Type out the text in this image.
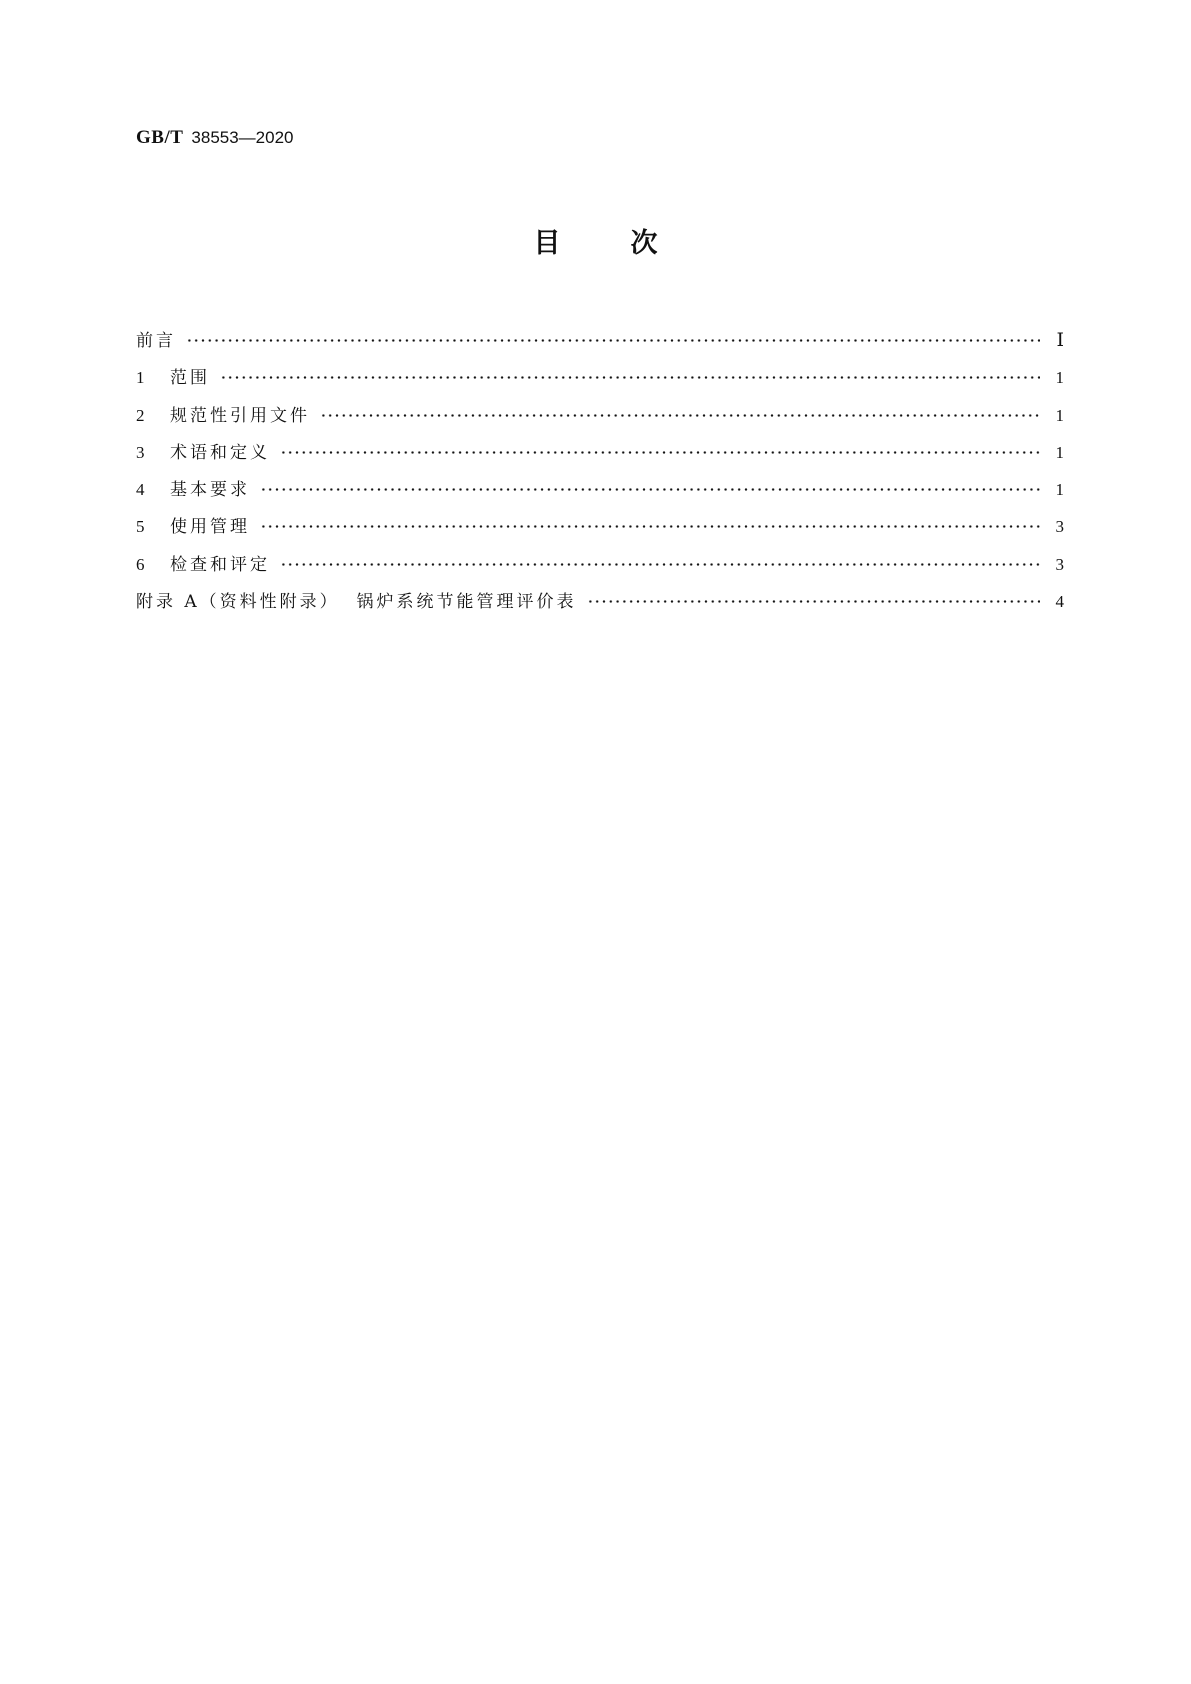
GB/T 38553—2020
目	次
前言	Ⅰ
1 范围	1
2 规范性引用文件	1
3 术语和定义	1
4 基本要求	1
5 使用管理	3
6 检查和评定	3
附录 A（资料性附录）  锅炉系统节能管理评价表	4
